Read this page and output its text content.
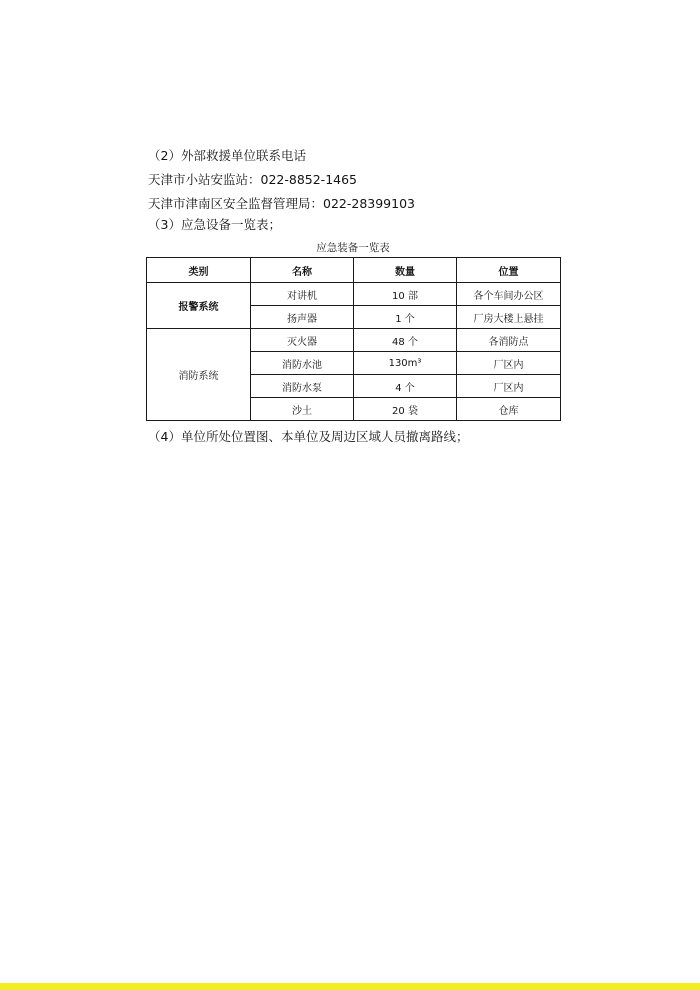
（2）外部救援单位联系电话
天津市小站安监站：022-8852-1465
天津市津南区安全监督管理局：022-28399103
（3）应急设备一览表；
应急装备一览表
类别	名称	数量	位置
报警系统	对讲机	10 部	各个车间办公区
	扬声器	1 个	厂房大楼上悬挂
消防系统	灭火器	48 个	各消防点
	消防水池	130m³	厂区内
	消防水泵	4 个	厂区内
	沙土	20 袋	仓库
（4）单位所处位置图、本单位及周边区域人员撤离路线；
